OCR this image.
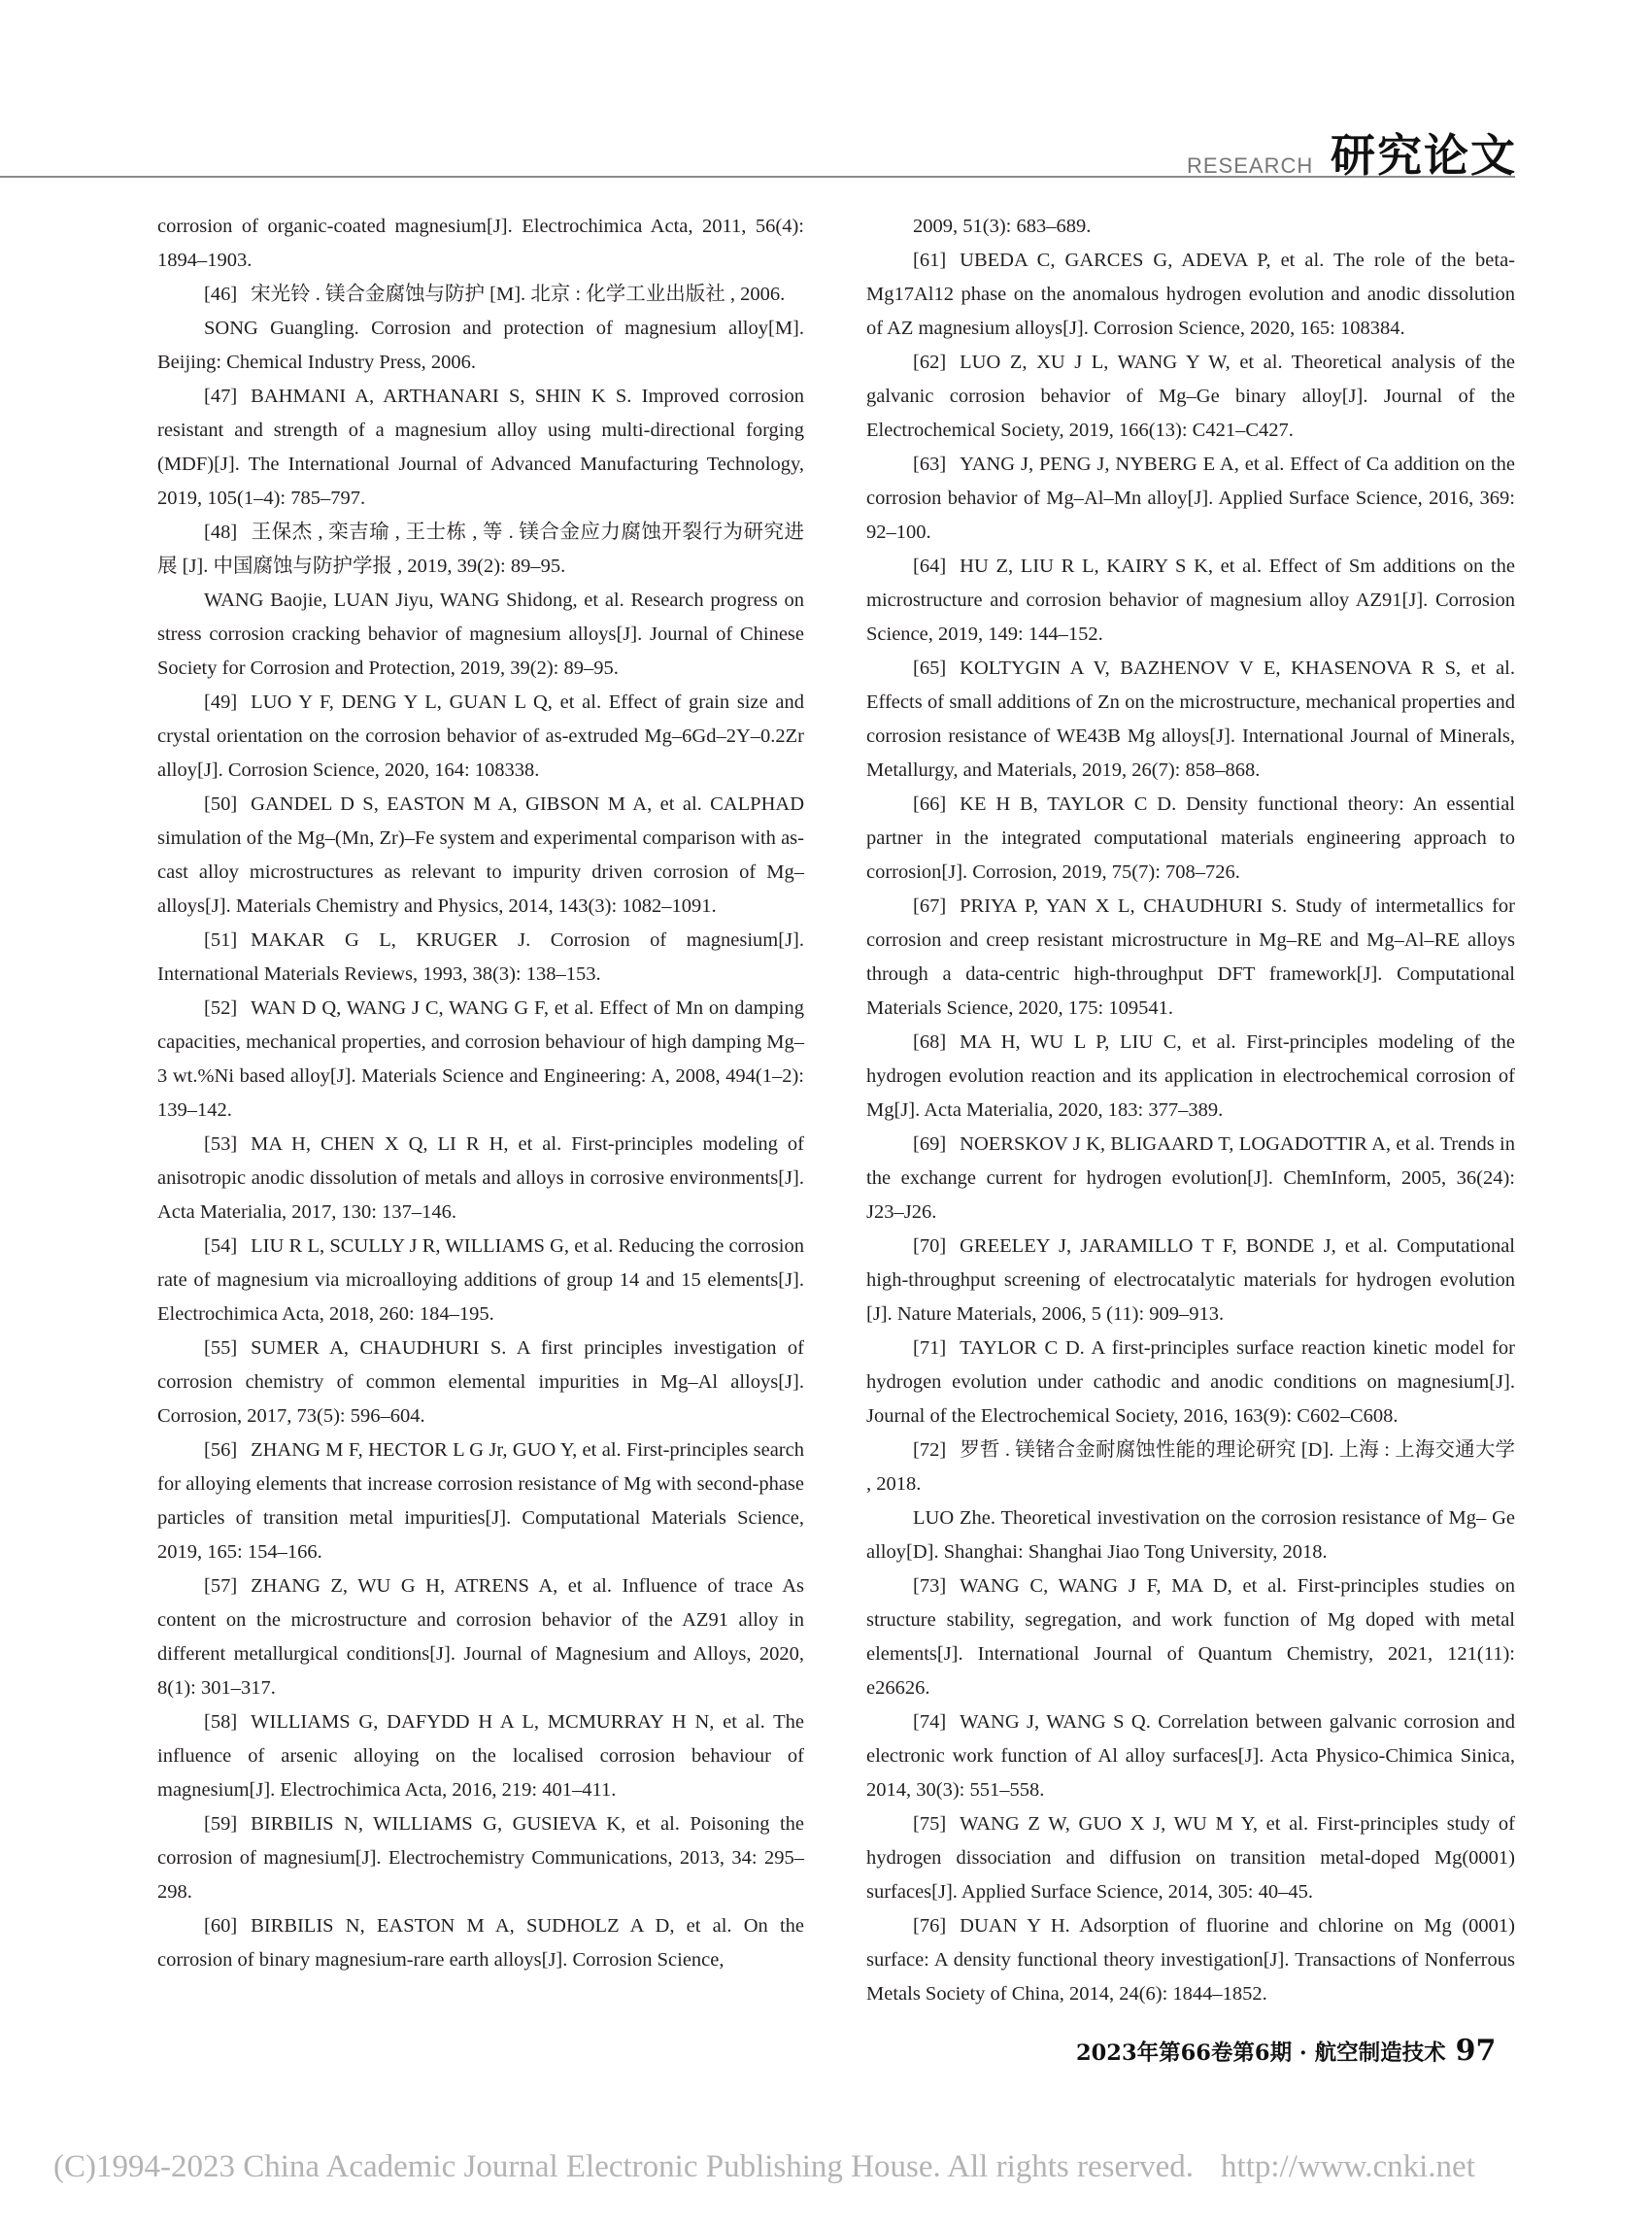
RESEARCH 研究论文

corrosion of organic-coated magnesium[J]. Electrochimica Acta, 2011, 56(4): 1894–1903.

[46] 宋光铃 . 镁合金腐蚀与防护 [M]. 北京 : 化学工业出版社 , 2006.

SONG Guangling. Corrosion and protection of magnesium alloy[M]. Beijing: Chemical Industry Press, 2006.

[47] BAHMANI A, ARTHANARI S, SHIN K S. Improved corrosion resistant and strength of a magnesium alloy using multi-directional forging (MDF)[J]. The International Journal of Advanced Manufacturing Technology, 2019, 105(1–4): 785–797.

[48] 王保杰 , 栾吉瑜 , 王士栋 , 等 . 镁合金应力腐蚀开裂行为研究进展 [J]. 中国腐蚀与防护学报 , 2019, 39(2): 89–95.

WANG Baojie, LUAN Jiyu, WANG Shidong, et al. Research progress on stress corrosion cracking behavior of magnesium alloys[J]. Journal of Chinese Society for Corrosion and Protection, 2019, 39(2): 89–95.

[49] LUO Y F, DENG Y L, GUAN L Q, et al. Effect of grain size and crystal orientation on the corrosion behavior of as-extruded Mg–6Gd–2Y–0.2Zr alloy[J]. Corrosion Science, 2020, 164: 108338.

[50] GANDEL D S, EASTON M A, GIBSON M A, et al. CALPHAD simulation of the Mg–(Mn, Zr)–Fe system and experimental comparison with as-cast alloy microstructures as relevant to impurity driven corrosion of Mg–alloys[J]. Materials Chemistry and Physics, 2014, 143(3): 1082–1091.

[51] MAKAR G L, KRUGER J. Corrosion of magnesium[J]. International Materials Reviews, 1993, 38(3): 138–153.

[52] WAN D Q, WANG J C, WANG G F, et al. Effect of Mn on damping capacities, mechanical properties, and corrosion behaviour of high damping Mg–3 wt.%Ni based alloy[J]. Materials Science and Engineering: A, 2008, 494(1–2): 139–142.

[53] MA H, CHEN X Q, LI R H, et al. First-principles modeling of anisotropic anodic dissolution of metals and alloys in corrosive environments[J]. Acta Materialia, 2017, 130: 137–146.

[54] LIU R L, SCULLY J R, WILLIAMS G, et al. Reducing the corrosion rate of magnesium via microalloying additions of group 14 and 15 elements[J]. Electrochimica Acta, 2018, 260: 184–195.

[55] SUMER A, CHAUDHURI S. A first principles investigation of corrosion chemistry of common elemental impurities in Mg–Al alloys[J]. Corrosion, 2017, 73(5): 596–604.

[56] ZHANG M F, HECTOR L G Jr, GUO Y, et al. First-principles search for alloying elements that increase corrosion resistance of Mg with second-phase particles of transition metal impurities[J]. Computational Materials Science, 2019, 165: 154–166.

[57] ZHANG Z, WU G H, ATRENS A, et al. Influence of trace As content on the microstructure and corrosion behavior of the AZ91 alloy in different metallurgical conditions[J]. Journal of Magnesium and Alloys, 2020, 8(1): 301–317.

[58] WILLIAMS G, DAFYDD H A L, MCMURRAY H N, et al. The influence of arsenic alloying on the localised corrosion behaviour of magnesium[J]. Electrochimica Acta, 2016, 219: 401–411.

[59] BIRBILIS N, WILLIAMS G, GUSIEVA K, et al. Poisoning the corrosion of magnesium[J]. Electrochemistry Communications, 2013, 34: 295–298.

[60] BIRBILIS N, EASTON M A, SUDHOLZ A D, et al. On the corrosion of binary magnesium-rare earth alloys[J]. Corrosion Science,

2009, 51(3): 683–689.

[61] UBEDA C, GARCES G, ADEVA P, et al. The role of the beta-Mg17Al12 phase on the anomalous hydrogen evolution and anodic dissolution of AZ magnesium alloys[J]. Corrosion Science, 2020, 165: 108384.

[62] LUO Z, XU J L, WANG Y W, et al. Theoretical analysis of the galvanic corrosion behavior of Mg–Ge binary alloy[J]. Journal of the Electrochemical Society, 2019, 166(13): C421–C427.

[63] YANG J, PENG J, NYBERG E A, et al. Effect of Ca addition on the corrosion behavior of Mg–Al–Mn alloy[J]. Applied Surface Science, 2016, 369: 92–100.

[64] HU Z, LIU R L, KAIRY S K, et al. Effect of Sm additions on the microstructure and corrosion behavior of magnesium alloy AZ91[J]. Corrosion Science, 2019, 149: 144–152.

[65] KOLTYGIN A V, BAZHENOV V E, KHASENOVA R S, et al. Effects of small additions of Zn on the microstructure, mechanical properties and corrosion resistance of WE43B Mg alloys[J]. International Journal of Minerals, Metallurgy, and Materials, 2019, 26(7): 858–868.

[66] KE H B, TAYLOR C D. Density functional theory: An essential partner in the integrated computational materials engineering approach to corrosion[J]. Corrosion, 2019, 75(7): 708–726.

[67] PRIYA P, YAN X L, CHAUDHURI S. Study of intermetallics for corrosion and creep resistant microstructure in Mg–RE and Mg–Al–RE alloys through a data-centric high-throughput DFT framework[J]. Computational Materials Science, 2020, 175: 109541.

[68] MA H, WU L P, LIU C, et al. First-principles modeling of the hydrogen evolution reaction and its application in electrochemical corrosion of Mg[J]. Acta Materialia, 2020, 183: 377–389.

[69] NOERSKOV J K, BLIGAARD T, LOGADOTTIR A, et al. Trends in the exchange current for hydrogen evolution[J]. ChemInform, 2005, 36(24): J23–J26.

[70] GREELEY J, JARAMILLO T F, BONDE J, et al. Computational high-throughput screening of electrocatalytic materials for hydrogen evolution [J]. Nature Materials, 2006, 5 (11): 909–913.

[71] TAYLOR C D. A first-principles surface reaction kinetic model for hydrogen evolution under cathodic and anodic conditions on magnesium[J]. Journal of the Electrochemical Society, 2016, 163(9): C602–C608.

[72] 罗哲 . 镁锗合金耐腐蚀性能的理论研究 [D]. 上海 : 上海交通大学 , 2018.

LUO Zhe. Theoretical investivation on the corrosion resistance of Mg– Ge alloy[D]. Shanghai: Shanghai Jiao Tong University, 2018.

[73] WANG C, WANG J F, MA D, et al. First-principles studies on structure stability, segregation, and work function of Mg doped with metal elements[J]. International Journal of Quantum Chemistry, 2021, 121(11): e26626.

[74] WANG J, WANG S Q. Correlation between galvanic corrosion and electronic work function of Al alloy surfaces[J]. Acta Physico-Chimica Sinica, 2014, 30(3): 551–558.

[75] WANG Z W, GUO X J, WU M Y, et al. First-principles study of hydrogen dissociation and diffusion on transition metal-doped Mg(0001) surfaces[J]. Applied Surface Science, 2014, 305: 40–45.

[76] DUAN Y H. Adsorption of fluorine and chlorine on Mg (0001) surface: A density functional theory investigation[J]. Transactions of Nonferrous Metals Society of China, 2014, 24(6): 1844–1852.

2023年第66卷第6期 · 航空制造技术 97
(C)1994-2023 China Academic Journal Electronic Publishing House. All rights reserved. http://www.cnki.net
